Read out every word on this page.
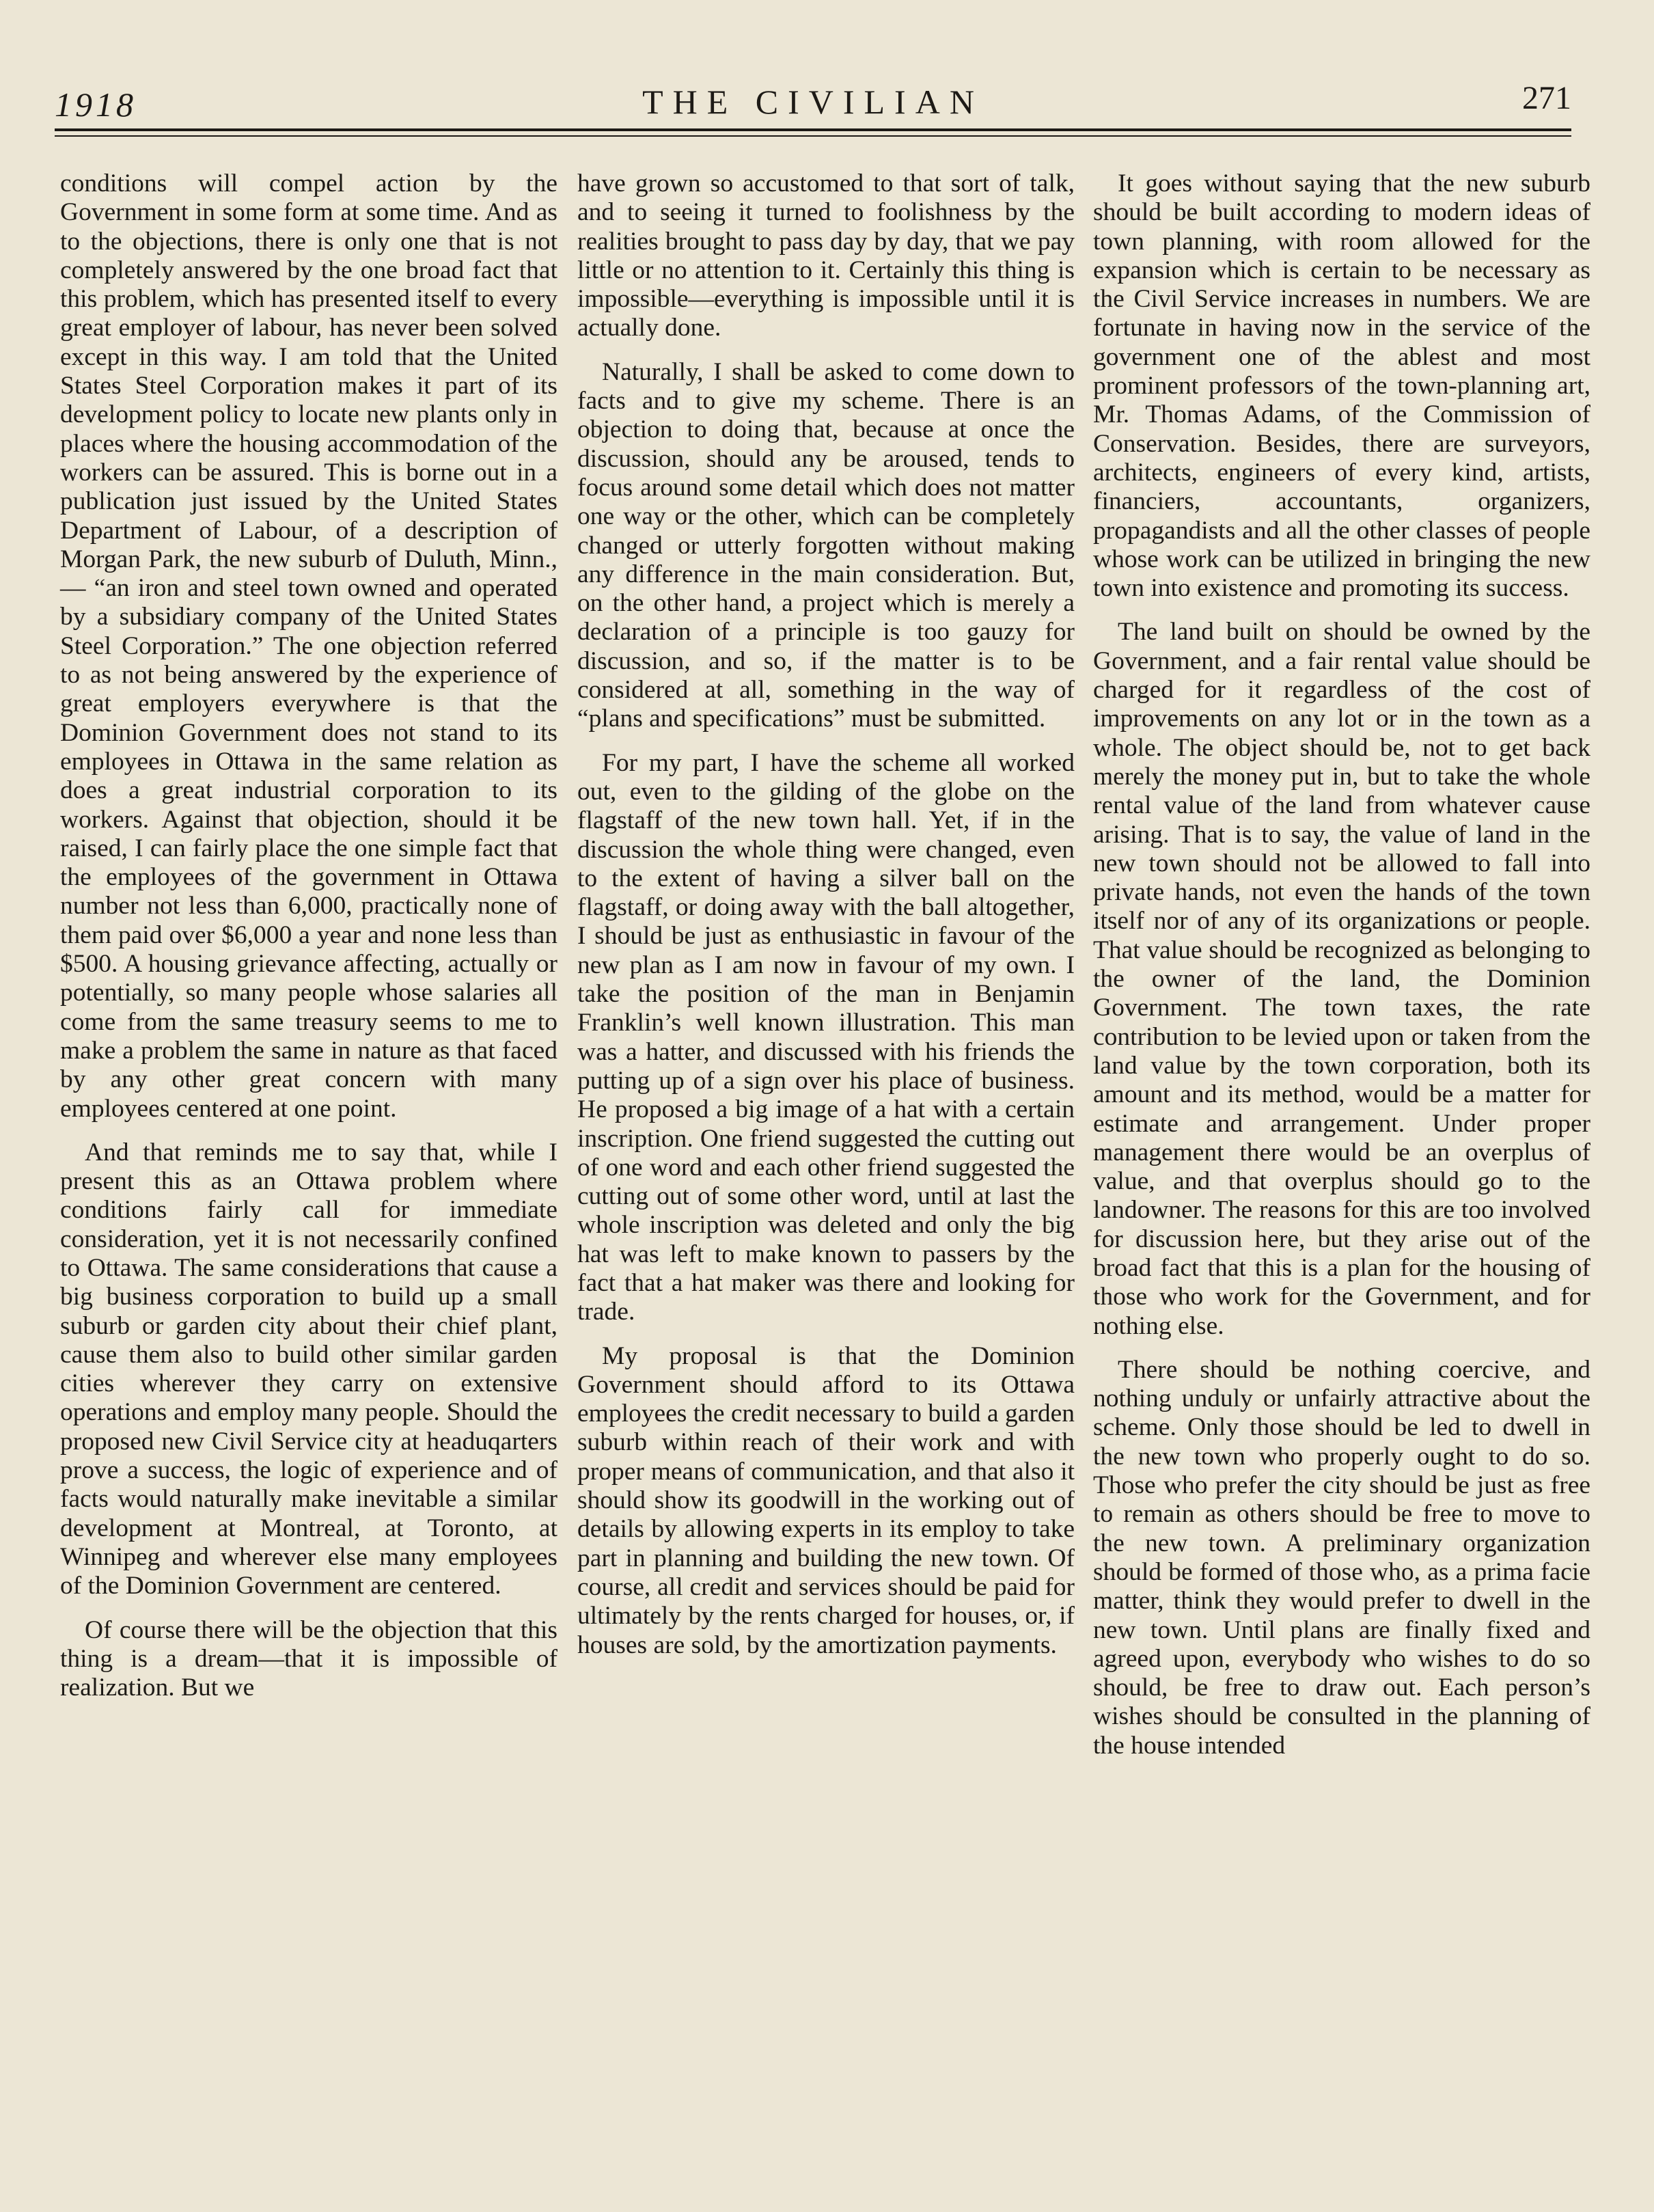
1918	THE CIVILIAN	271

conditions will compel action by the Government in some form at some time. And as to the objections, there is only one that is not completely answered by the one broad fact that this problem, which has presented itself to every great employer of labour, has never been solved except in this way. I am told that the United States Steel Corporation makes it part of its development policy to locate new plants only in places where the housing accommodation of the workers can be assured. This is borne out in a publication just issued by the United States Department of Labour, of a description of Morgan Park, the new suburb of Duluth, Minn., — “an iron and steel town owned and operated by a subsidiary company of the United States Steel Corporation.” The one objection referred to as not being answered by the experience of great employers everywhere is that the Dominion Government does not stand to its employees in Ottawa in the same relation as does a great industrial corporation to its workers. Against that objection, should it be raised, I can fairly place the one simple fact that the employees of the government in Ottawa number not less than 6,000, practically none of them paid over $6,000 a year and none less than $500. A housing grievance affecting, actually or potentially, so many people whose salaries all come from the same treasury seems to me to make a problem the same in nature as that faced by any other great concern with many employees centered at one point.

And that reminds me to say that, while I present this as an Ottawa problem where conditions fairly call for immediate consideration, yet it is not necessarily confined to Ottawa. The same considerations that cause a big business corporation to build up a small suburb or garden city about their chief plant, cause them also to build other similar garden cities wherever they carry on extensive operations and employ many people. Should the proposed new Civil Service city at headuqarters prove a success, the logic of experience and of facts would naturally make inevitable a similar development at Montreal, at Toronto, at Winnipeg and wherever else many employees of the Dominion Government are centered.

Of course there will be the objection that this thing is a dream—that it is impossible of realization. But we

have grown so accustomed to that sort of talk, and to seeing it turned to foolishness by the realities brought to pass day by day, that we pay little or no attention to it. Certainly this thing is impossible—everything is impossible until it is actually done.

Naturally, I shall be asked to come down to facts and to give my scheme. There is an objection to doing that, because at once the discussion, should any be aroused, tends to focus around some detail which does not matter one way or the other, which can be completely changed or utterly forgotten without making any difference in the main consideration. But, on the other hand, a project which is merely a declaration of a principle is too gauzy for discussion, and so, if the matter is to be considered at all, something in the way of “plans and specifications” must be submitted.

For my part, I have the scheme all worked out, even to the gilding of the globe on the flagstaff of the new town hall. Yet, if in the discussion the whole thing were changed, even to the extent of having a silver ball on the flagstaff, or doing away with the ball altogether, I should be just as enthusiastic in favour of the new plan as I am now in favour of my own. I take the position of the man in Benjamin Franklin’s well known illustration. This man was a hatter, and discussed with his friends the putting up of a sign over his place of business. He proposed a big image of a hat with a certain inscription. One friend suggested the cutting out of one word and each other friend suggested the cutting out of some other word, until at last the whole inscription was deleted and only the big hat was left to make known to passers by the fact that a hat maker was there and looking for trade.

My proposal is that the Dominion Government should afford to its Ottawa employees the credit necessary to build a garden suburb within reach of their work and with proper means of communication, and that also it should show its goodwill in the working out of details by allowing experts in its employ to take part in planning and building the new town. Of course, all credit and services should be paid for ultimately by the rents charged for houses, or, if houses are sold, by the amortization payments.

It goes without saying that the new suburb should be built according to modern ideas of town planning, with room allowed for the expansion which is certain to be necessary as the Civil Service increases in numbers. We are fortunate in having now in the service of the government one of the ablest and most prominent professors of the town-planning art, Mr. Thomas Adams, of the Commission of Conservation. Besides, there are surveyors, architects, engineers of every kind, artists, financiers, accountants, organizers, propagandists and all the other classes of people whose work can be utilized in bringing the new town into existence and promoting its success.

The land built on should be owned by the Government, and a fair rental value should be charged for it regardless of the cost of improvements on any lot or in the town as a whole. The object should be, not to get back merely the money put in, but to take the whole rental value of the land from whatever cause arising. That is to say, the value of land in the new town should not be allowed to fall into private hands, not even the hands of the town itself nor of any of its organizations or people. That value should be recognized as belonging to the owner of the land, the Dominion Government. The town taxes, the rate contribution to be levied upon or taken from the land value by the town corporation, both its amount and its method, would be a matter for estimate and arrangement. Under proper management there would be an overplus of value, and that overplus should go to the landowner. The reasons for this are too involved for discussion here, but they arise out of the broad fact that this is a plan for the housing of those who work for the Government, and for nothing else.

There should be nothing coercive, and nothing unduly or unfairly attractive about the scheme. Only those should be led to dwell in the new town who properly ought to do so. Those who prefer the city should be just as free to remain as others should be free to move to the new town. A preliminary organization should be formed of those who, as a prima facie matter, think they would prefer to dwell in the new town. Until plans are finally fixed and agreed upon, everybody who wishes to do so should, be free to draw out. Each person’s wishes should be consulted in the planning of the house intended
